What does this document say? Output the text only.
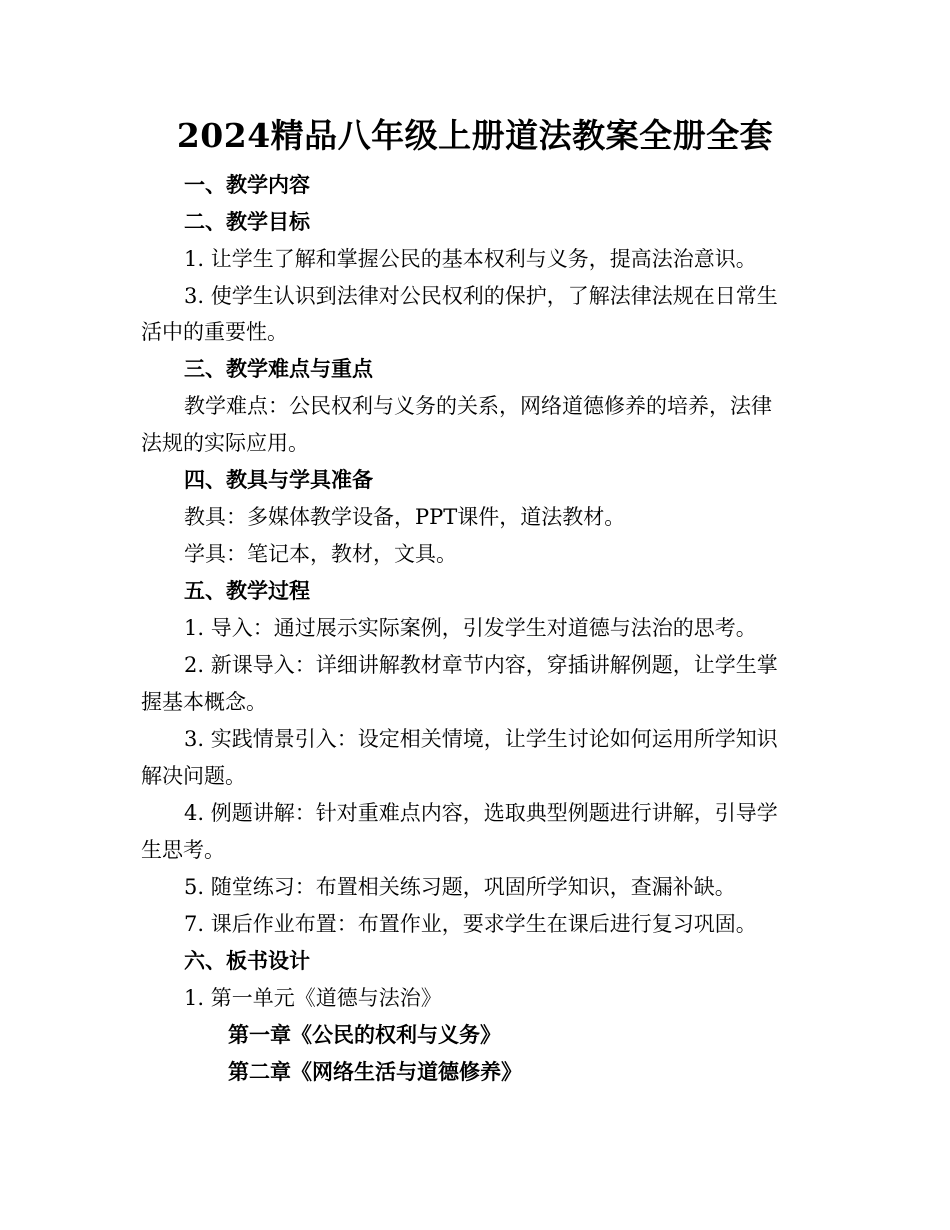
2024精品八年级上册道法教案全册全套
一、教学内容
二、教学目标
1. 让学生了解和掌握公民的基本权利与义务，提高法治意识。
3. 使学生认识到法律对公民权利的保护，了解法律法规在日常生
活中的重要性。
三、教学难点与重点
教学难点：公民权利与义务的关系，网络道德修养的培养，法律
法规的实际应用。
四、教具与学具准备
教具：多媒体教学设备，PPT课件，道法教材。
学具：笔记本，教材，文具。
五、教学过程
1. 导入：通过展示实际案例，引发学生对道德与法治的思考。
2. 新课导入：详细讲解教材章节内容，穿插讲解例题，让学生掌
握基本概念。
3. 实践情景引入：设定相关情境，让学生讨论如何运用所学知识
解决问题。
4. 例题讲解：针对重难点内容，选取典型例题进行讲解，引导学
生思考。
5. 随堂练习：布置相关练习题，巩固所学知识，查漏补缺。
7. 课后作业布置：布置作业，要求学生在课后进行复习巩固。
六、板书设计
1. 第一单元《道德与法治》
第一章《公民的权利与义务》
第二章《网络生活与道德修养》
